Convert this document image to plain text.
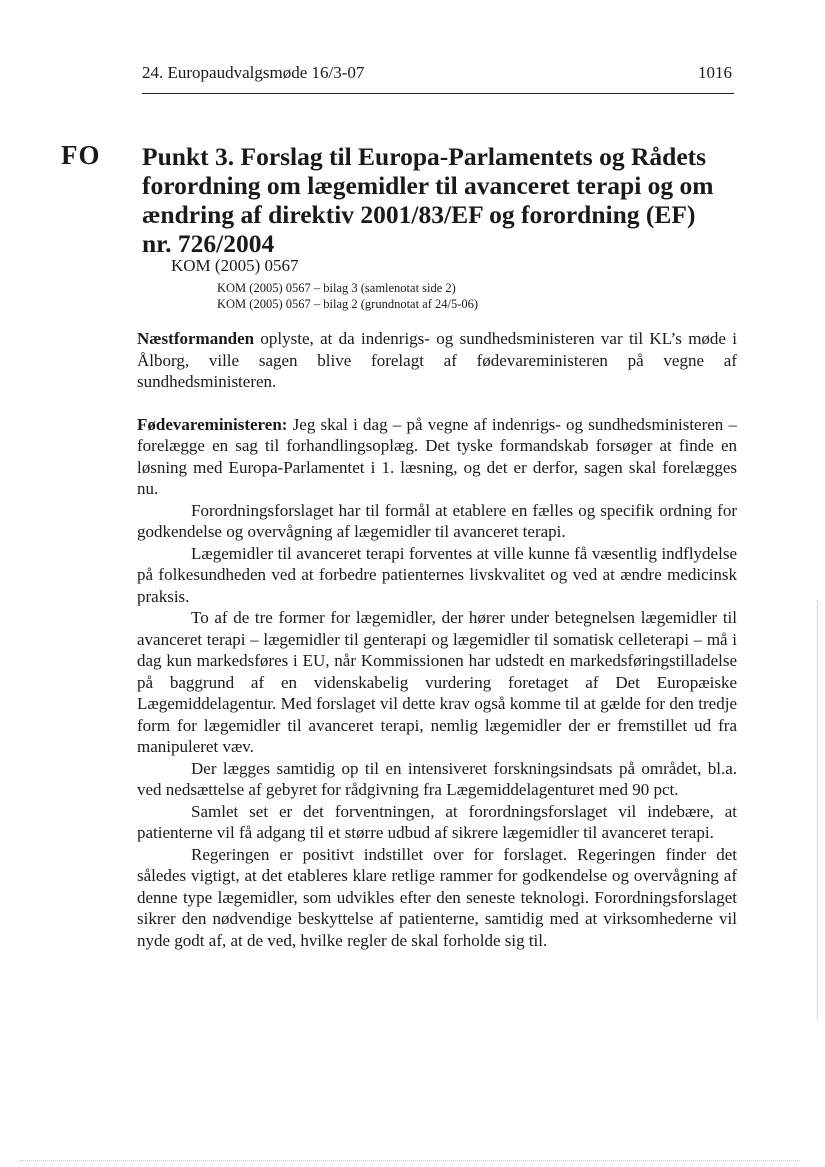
24. Europaudvalgsmøde 16/3-07	1016
FO Punkt 3. Forslag til Europa-Parlamentets og Rådets
forordning om lægemidler til avanceret terapi og om
ændring af direktiv 2001/83/EF og forordning (EF)
nr. 726/2004
KOM (2005) 0567
KOM (2005) 0567 – bilag 3 (samlenotat side 2)
KOM (2005) 0567 – bilag 2 (grundnotat af 24/5-06)

Næstformanden oplyste, at da indenrigs- og sundhedsministeren var til KL’s møde i Ålborg, ville sagen blive forelagt af fødevareministeren på vegne af sundhedsministeren.

Fødevareministeren: Jeg skal i dag – på vegne af indenrigs- og sundhedsministeren – forelægge en sag til forhandlingsoplæg. Det tyske formandskab forsøger at finde en løsning med Europa-Parlamentet i 1. læsning, og det er derfor, sagen skal forelægges nu.

Forordningsforslaget har til formål at etablere en fælles og specifik ordning for godkendelse og overvågning af lægemidler til avanceret terapi.

Lægemidler til avanceret terapi forventes at ville kunne få væsentlig indflydelse på folkesundheden ved at forbedre patienternes livskvalitet og ved at ændre medicinsk praksis.

To af de tre former for lægemidler, der hører under betegnelsen lægemidler til avanceret terapi – lægemidler til genterapi og lægemidler til somatisk celleterapi – må i dag kun markedsføres i EU, når Kommissionen har udstedt en markedsføringstilladelse på baggrund af en videnskabelig vurdering foretaget af Det Europæiske Lægemiddelagentur. Med forslaget vil dette krav også komme til at gælde for den tredje form for lægemidler til avanceret terapi, nemlig lægemidler der er fremstillet ud fra manipuleret væv.

Der lægges samtidig op til en intensiveret forskningsindsats på området, bl.a. ved nedsættelse af gebyret for rådgivning fra Lægemiddelagenturet med 90 pct.

Samlet set er det forventningen, at forordningsforslaget vil indebære, at patienterne vil få adgang til et større udbud af sikrere lægemidler til avanceret terapi.

Regeringen er positivt indstillet over for forslaget. Regeringen finder det således vigtigt, at det etableres klare retlige rammer for godkendelse og overvågning af denne type lægemidler, som udvikles efter den seneste teknologi. Forordningsforslaget sikrer den nødvendige beskyttelse af patienterne, samtidig med at virksomhederne vil nyde godt af, at de ved, hvilke regler de skal forholde sig til.
